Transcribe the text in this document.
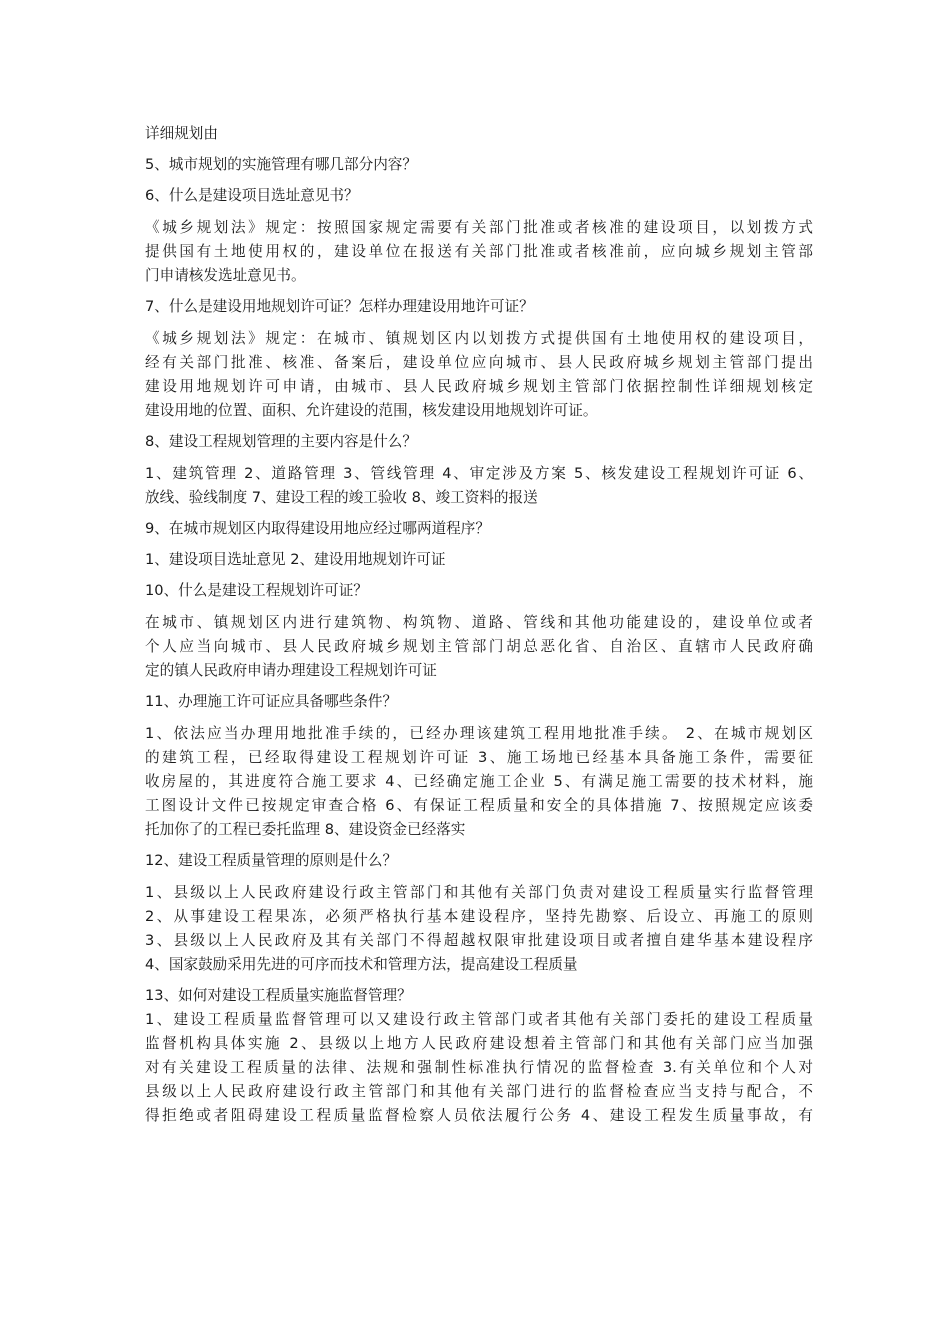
详细规划由
5、城市规划的实施管理有哪几部分内容？
6、什么是建设项目选址意见书？
《城乡规划法》规定：按照国家规定需要有关部门批准或者核准的建设项目，以划拨方式
提供国有土地使用权的，建设单位在报送有关部门批准或者核准前，应向城乡规划主管部
门申请核发选址意见书。
7、什么是建设用地规划许可证？怎样办理建设用地许可证？
《城乡规划法》规定：在城市、镇规划区内以划拨方式提供国有土地使用权的建设项目，
经有关部门批准、核准、备案后，建设单位应向城市、县人民政府城乡规划主管部门提出
建设用地规划许可申请，由城市、县人民政府城乡规划主管部门依据控制性详细规划核定
建设用地的位置、面积、允许建设的范围，核发建设用地规划许可证。
8、建设工程规划管理的主要内容是什么？
1、建筑管理 2、道路管理 3、管线管理 4、审定涉及方案 5、核发建设工程规划许可证 6、
放线、验线制度 7、建设工程的竣工验收 8、竣工资料的报送
9、在城市规划区内取得建设用地应经过哪两道程序？
1、建设项目选址意见 2、建设用地规划许可证
10、什么是建设工程规划许可证？
在城市、镇规划区内进行建筑物、构筑物、道路、管线和其他功能建设的，建设单位或者
个人应当向城市、县人民政府城乡规划主管部门胡总恶化省、自治区、直辖市人民政府确
定的镇人民政府申请办理建设工程规划许可证
11、办理施工许可证应具备哪些条件？
1、依法应当办理用地批准手续的，已经办理该建筑工程用地批准手续。 2、在城市规划区
的建筑工程，已经取得建设工程规划许可证 3、施工场地已经基本具备施工条件，需要征
收房屋的，其进度符合施工要求 4、已经确定施工企业 5、有满足施工需要的技术材料，施
工图设计文件已按规定审查合格 6、有保证工程质量和安全的具体措施 7、按照规定应该委
托加你了的工程已委托监理 8、建设资金已经落实
12、建设工程质量管理的原则是什么？
1、县级以上人民政府建设行政主管部门和其他有关部门负责对建设工程质量实行监督管理
2、从事建设工程果冻，必须严格执行基本建设程序，坚持先勘察、后设立、再施工的原则
3、县级以上人民政府及其有关部门不得超越权限审批建设项目或者擅自建华基本建设程序
4、国家鼓励采用先进的可序而技术和管理方法，提高建设工程质量
13、如何对建设工程质量实施监督管理？
1、建设工程质量监督管理可以又建设行政主管部门或者其他有关部门委托的建设工程质量
监督机构具体实施 2、县级以上地方人民政府建设想着主管部门和其他有关部门应当加强
对有关建设工程质量的法律、法规和强制性标准执行情况的监督检查 3.有关单位和个人对
县级以上人民政府建设行政主管部门和其他有关部门进行的监督检查应当支持与配合，不
得拒绝或者阻碍建设工程质量监督检察人员依法履行公务 4、建设工程发生质量事故，有
